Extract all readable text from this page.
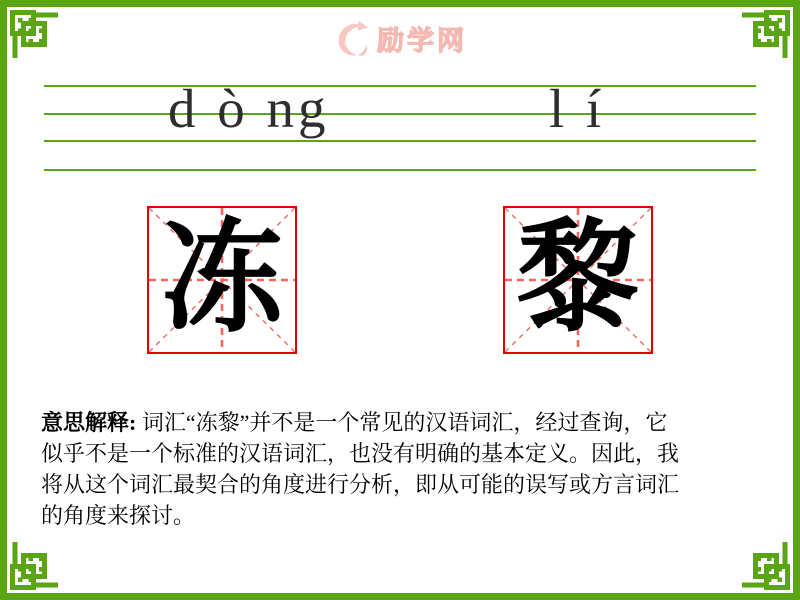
励学网
d ò ng	l í
冻 黎
意思解释: 词汇“冻黎”并不是一个常见的汉语词汇，经过查询，它
似乎不是一个标准的汉语词汇，也没有明确的基本定义。因此，我
将从这个词汇最契合的角度进行分析，即从可能的误写或方言词汇
的角度来探讨。
